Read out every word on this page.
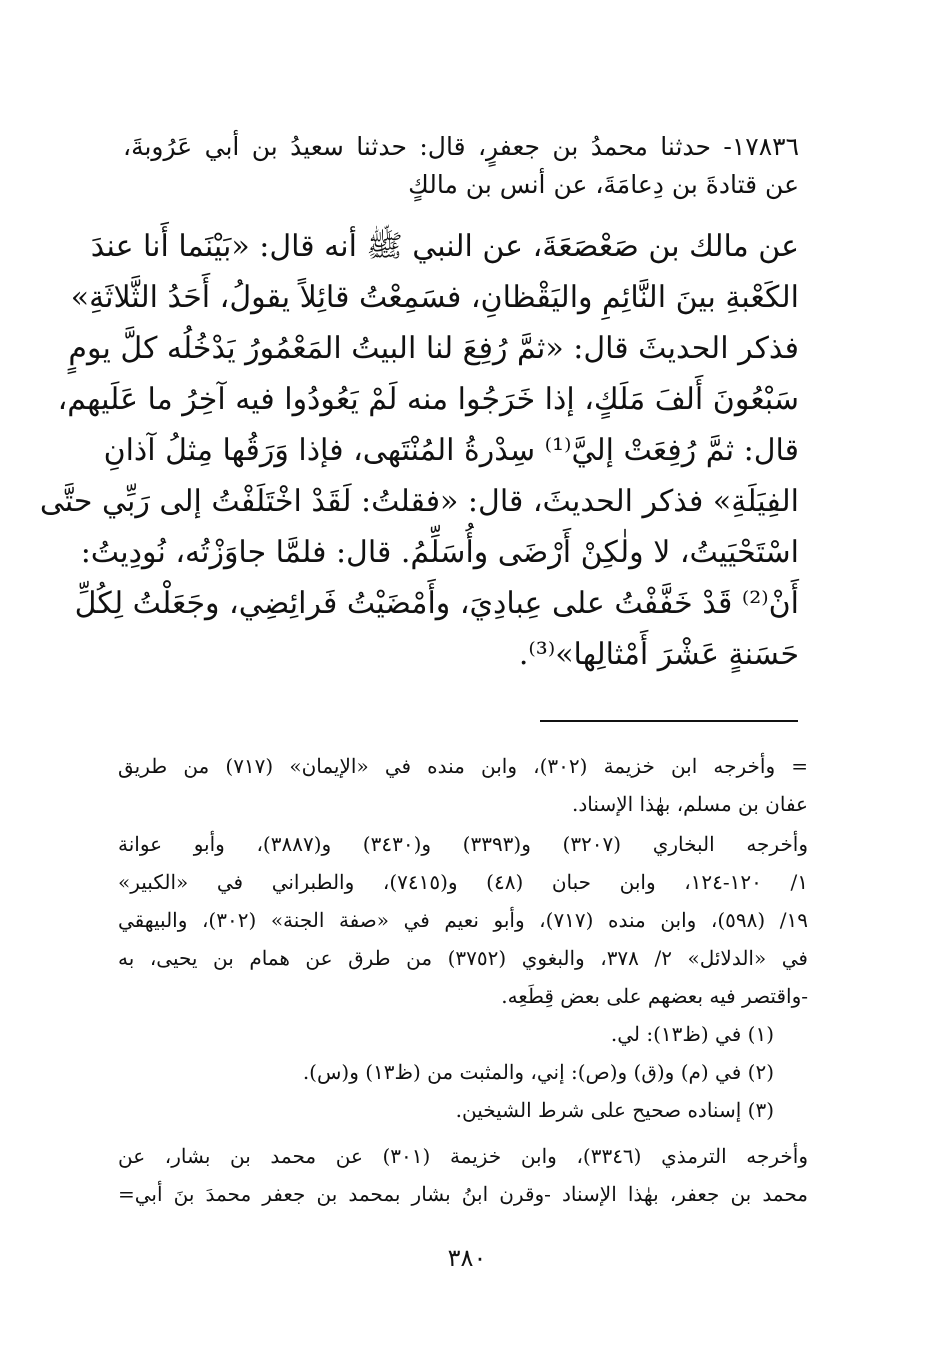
١٧٨٣٦- حدثنا محمدُ بن جعفرٍ، قال: حدثنا سعيدُ بن أبي عَرُوبةَ،
عن قتادةَ بن دِعامَةَ، عن أنس بن مالكٍ
عن مالك بن صَعْصَعَةَ، عن النبي ﷺ أنه قال: «بَيْنَما أَنا عندَ
الكَعْبةِ بينَ النَّائِمِ واليَقْظانِ، فسَمِعْتُ قائِلاً يقولُ، أَحَدُ الثَّلاثَةِ»
فذكر الحديثَ قال: «ثمَّ رُفِعَ لنا البيتُ المَعْمُورُ يَدْخُلُه كلَّ يومٍ
سَبْعُونَ أَلفَ مَلَكٍ، إذا خَرَجُوا منه لَمْ يَعُودُوا فيه آخِرُ ما عَلَيهم،
قال: ثمَّ رُفِعَتْ إليَّ⁽¹⁾ سِدْرةُ المُنْتَهى، فإذا وَرَقُها مِثلُ آذانِ
الفِيَلَةِ» فذكر الحديثَ، قال: «فقلتُ: لَقَدْ اخْتَلَفْتُ إلى رَبِّي حتَّى
اسْتَحْيَيتُ، لا ولٰكِنْ أَرْضَى وأُسَلِّمُ. قال: فلمَّا جاوَزْتُه، نُودِيتُ:
أَنْ⁽²⁾ قَدْ خَفَّفْتُ على عِبادِيَ، وأَمْضَيْتُ فَرائِضِي، وجَعَلْتُ لِكُلِّ
حَسَنةٍ عَشْرَ أَمْثالِها»⁽³⁾.
= وأخرجه ابن خزيمة (٣٠٢)، وابن منده في «الإيمان» (٧١٧) من طريق
عفان بن مسلم، بهٰذا الإسناد.
وأخرجه البخاري (٣٢٠٧) و(٣٣٩٣) و(٣٤٣٠) و(٣٨٨٧)، وأبو عوانة
١/ ١٢٠-١٢٤، وابن حبان (٤٨) و(٧٤١٥)، والطبراني في «الكبير»
١٩/ (٥٩٨)، وابن منده (٧١٧)، وأبو نعيم في «صفة الجنة» (٣٠٢)، والبيهقي
في «الدلائل» ٢/ ٣٧٨، والبغوي (٣٧٥٢) من طرق عن همام بن يحيى، به
-واقتصر فيه بعضهم على بعض قِطَعِه.
(١) في (ظ١٣): لي.
(٢) في (م) و(ق) و(ص): إني، والمثبت من (ظ١٣) و(س).
(٣) إسناده صحيح على شرط الشيخين.
وأخرجه الترمذي (٣٣٤٦)، وابن خزيمة (٣٠١) عن محمد بن بشار، عن
محمد بن جعفر، بهٰذا الإسناد -وقرن ابنُ بشار بمحمد بن جعفر محمدَ بنَ أبي=
٣٨٠
